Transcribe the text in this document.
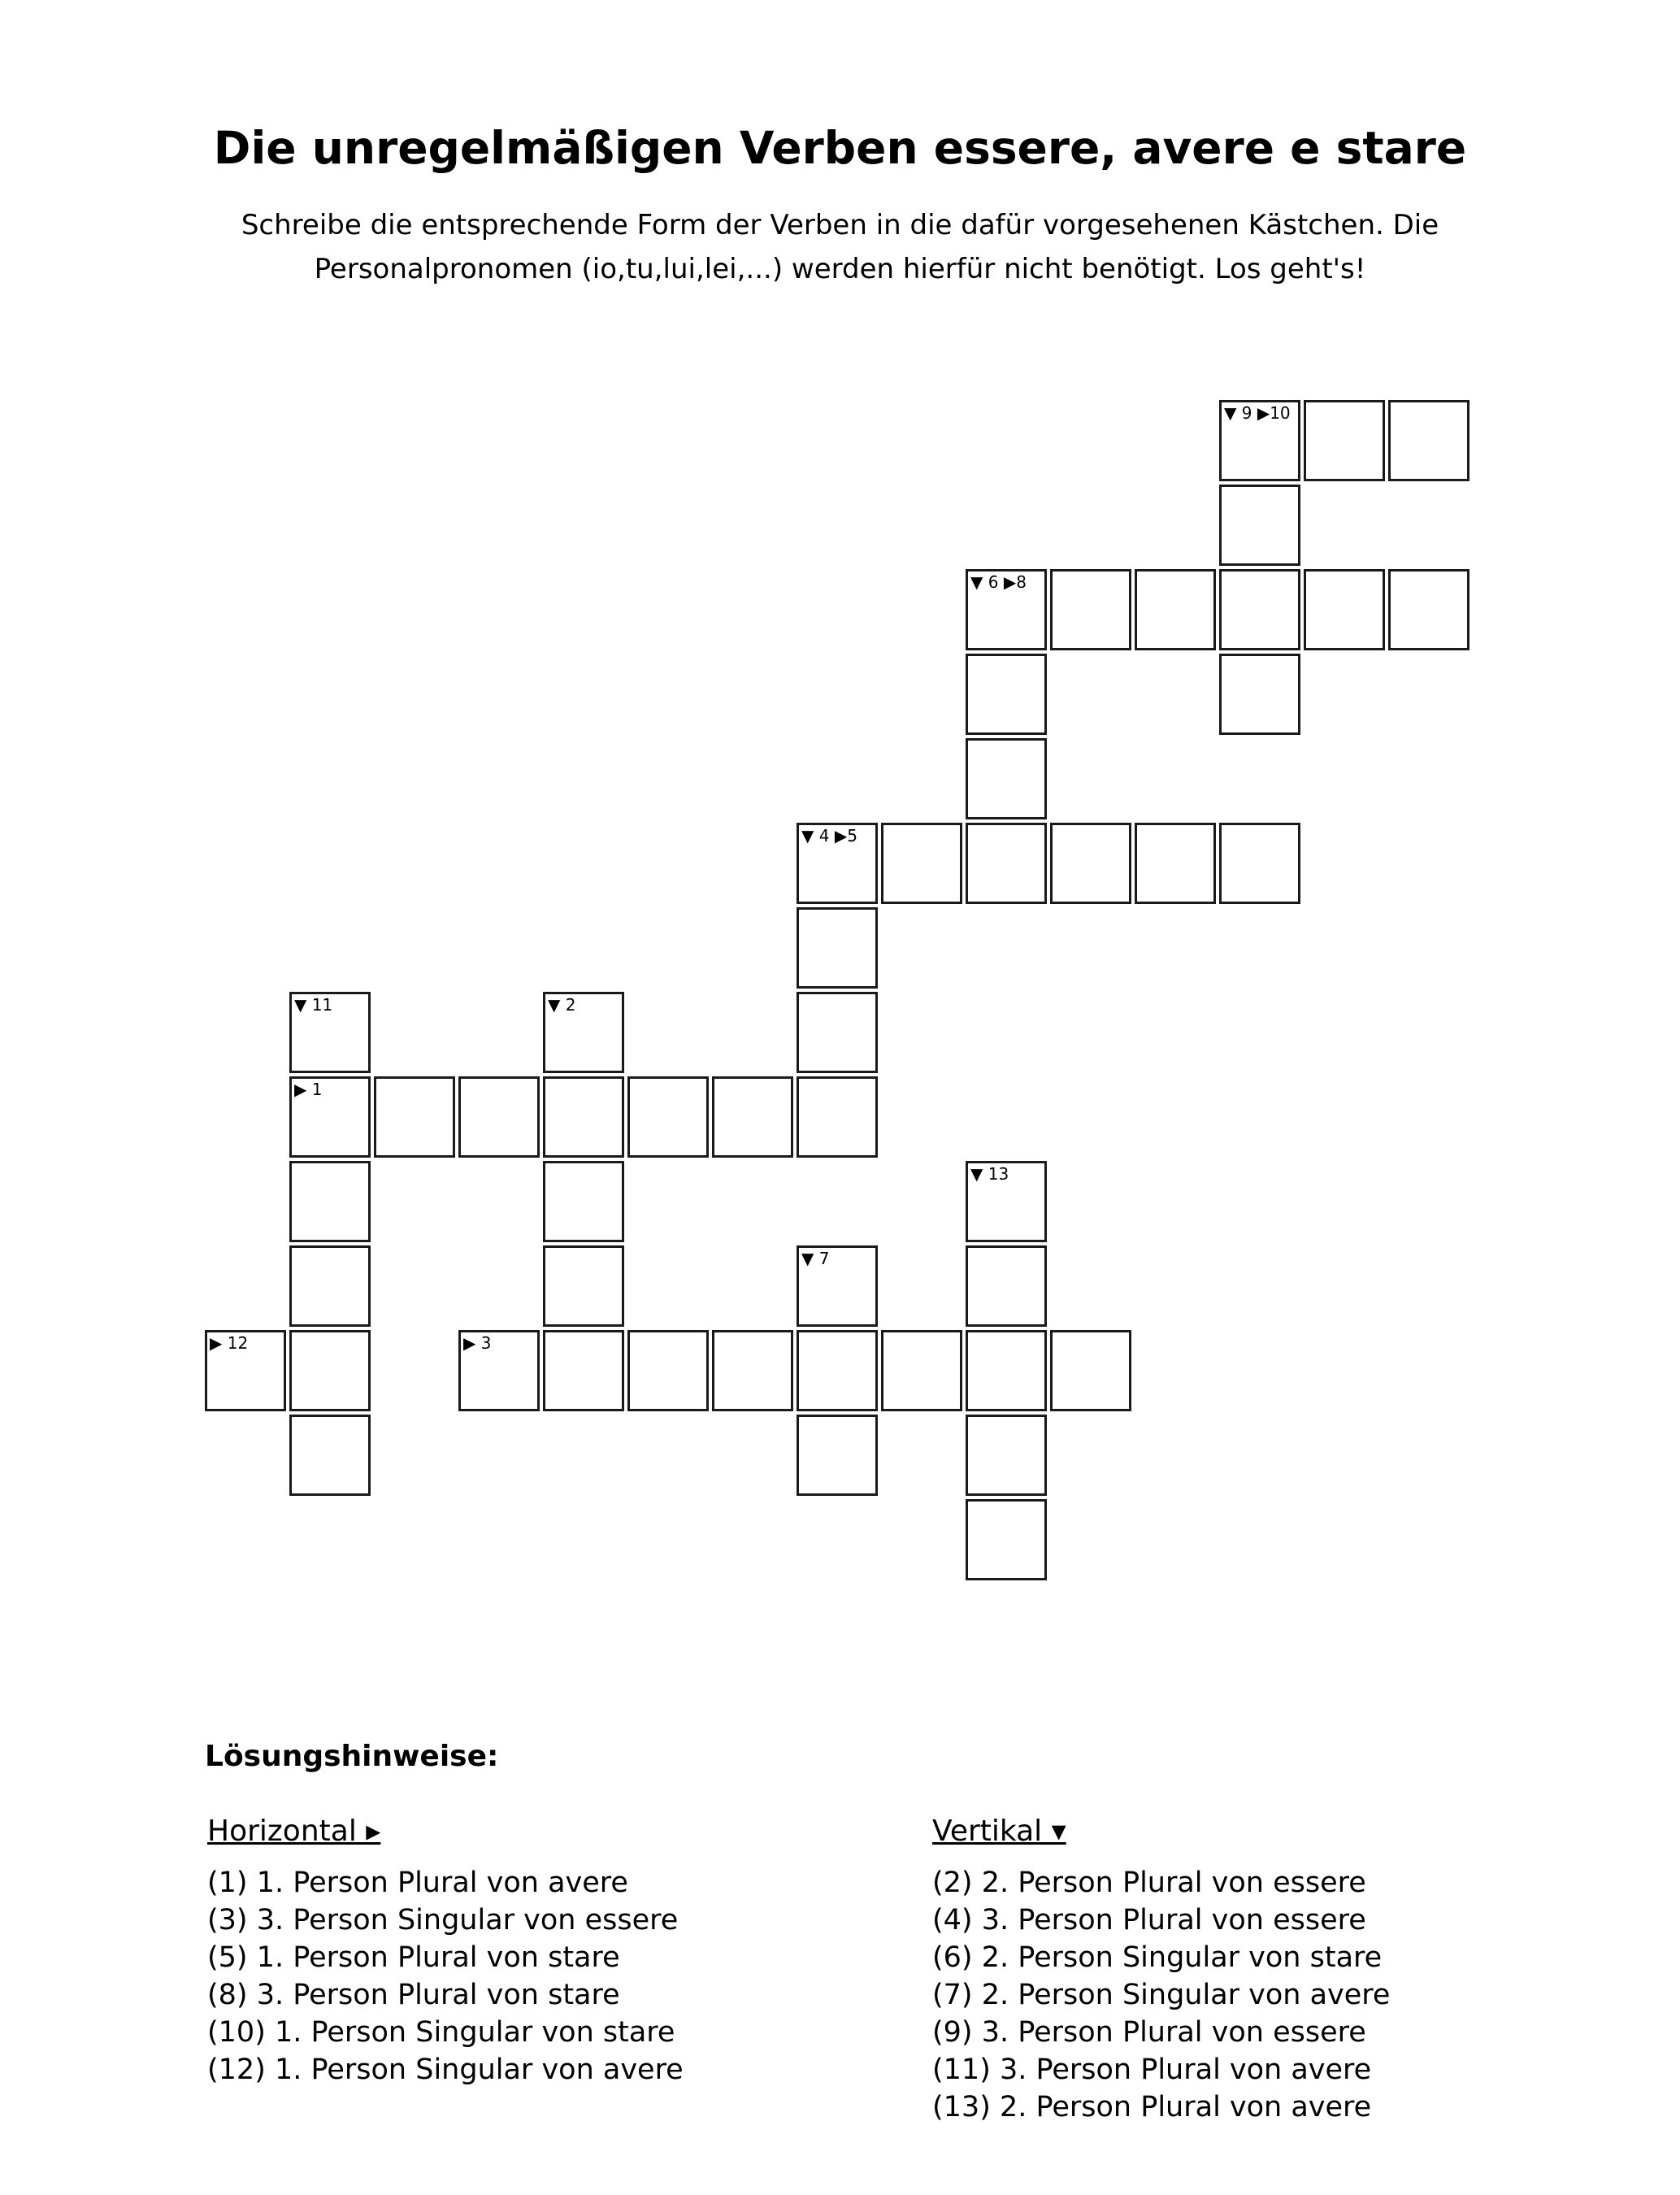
Die unregelmäßigen Verben essere, avere e stare

Schreibe die entsprechende Form der Verben in die dafür vorgesehenen Kästchen. Die Personalpronomen (io,tu,lui,lei,...) werden hierfür nicht benötigt. Los geht's!

▼ 9 ▶10
▼ 6 ▶8
▼ 4 ▶5
▼ 11	▼ 2
▶ 1
▼ 13
▼ 7
▶ 12	▶ 3
Lösungshinweise:
Horizontal ▸
(1) 1. Person Plural von avere
(3) 3. Person Singular von essere
(5) 1. Person Plural von stare
(8) 3. Person Plural von stare
(10) 1. Person Singular von stare
(12) 1. Person Singular von avere
Vertikal ▾
(2) 2. Person Plural von essere
(4) 3. Person Plural von essere
(6) 2. Person Singular von stare
(7) 2. Person Singular von avere
(9) 3. Person Plural von essere
(11) 3. Person Plural von avere
(13) 2. Person Plural von avere
